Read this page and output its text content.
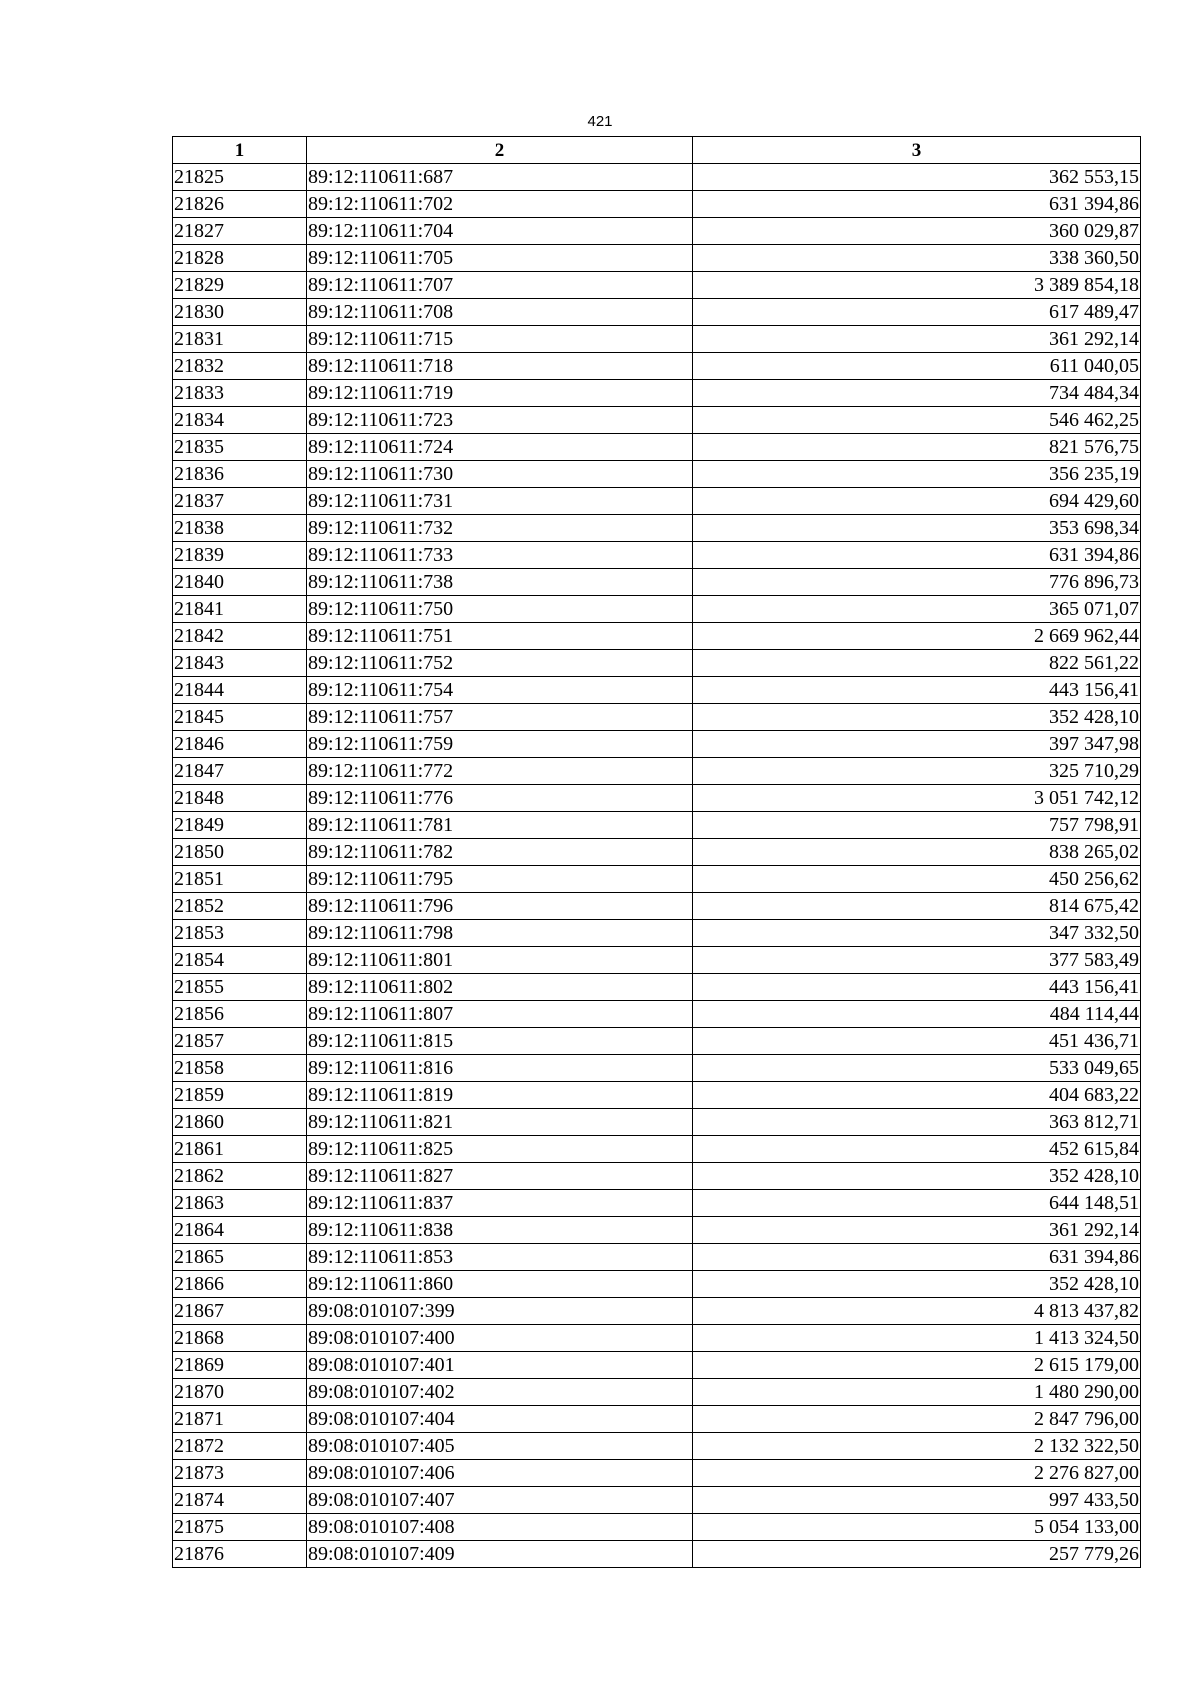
421
1	2	3
21825	89:12:110611:687	362 553,15
21826	89:12:110611:702	631 394,86
21827	89:12:110611:704	360 029,87
21828	89:12:110611:705	338 360,50
21829	89:12:110611:707	3 389 854,18
21830	89:12:110611:708	617 489,47
21831	89:12:110611:715	361 292,14
21832	89:12:110611:718	611 040,05
21833	89:12:110611:719	734 484,34
21834	89:12:110611:723	546 462,25
21835	89:12:110611:724	821 576,75
21836	89:12:110611:730	356 235,19
21837	89:12:110611:731	694 429,60
21838	89:12:110611:732	353 698,34
21839	89:12:110611:733	631 394,86
21840	89:12:110611:738	776 896,73
21841	89:12:110611:750	365 071,07
21842	89:12:110611:751	2 669 962,44
21843	89:12:110611:752	822 561,22
21844	89:12:110611:754	443 156,41
21845	89:12:110611:757	352 428,10
21846	89:12:110611:759	397 347,98
21847	89:12:110611:772	325 710,29
21848	89:12:110611:776	3 051 742,12
21849	89:12:110611:781	757 798,91
21850	89:12:110611:782	838 265,02
21851	89:12:110611:795	450 256,62
21852	89:12:110611:796	814 675,42
21853	89:12:110611:798	347 332,50
21854	89:12:110611:801	377 583,49
21855	89:12:110611:802	443 156,41
21856	89:12:110611:807	484 114,44
21857	89:12:110611:815	451 436,71
21858	89:12:110611:816	533 049,65
21859	89:12:110611:819	404 683,22
21860	89:12:110611:821	363 812,71
21861	89:12:110611:825	452 615,84
21862	89:12:110611:827	352 428,10
21863	89:12:110611:837	644 148,51
21864	89:12:110611:838	361 292,14
21865	89:12:110611:853	631 394,86
21866	89:12:110611:860	352 428,10
21867	89:08:010107:399	4 813 437,82
21868	89:08:010107:400	1 413 324,50
21869	89:08:010107:401	2 615 179,00
21870	89:08:010107:402	1 480 290,00
21871	89:08:010107:404	2 847 796,00
21872	89:08:010107:405	2 132 322,50
21873	89:08:010107:406	2 276 827,00
21874	89:08:010107:407	997 433,50
21875	89:08:010107:408	5 054 133,00
21876	89:08:010107:409	257 779,26
